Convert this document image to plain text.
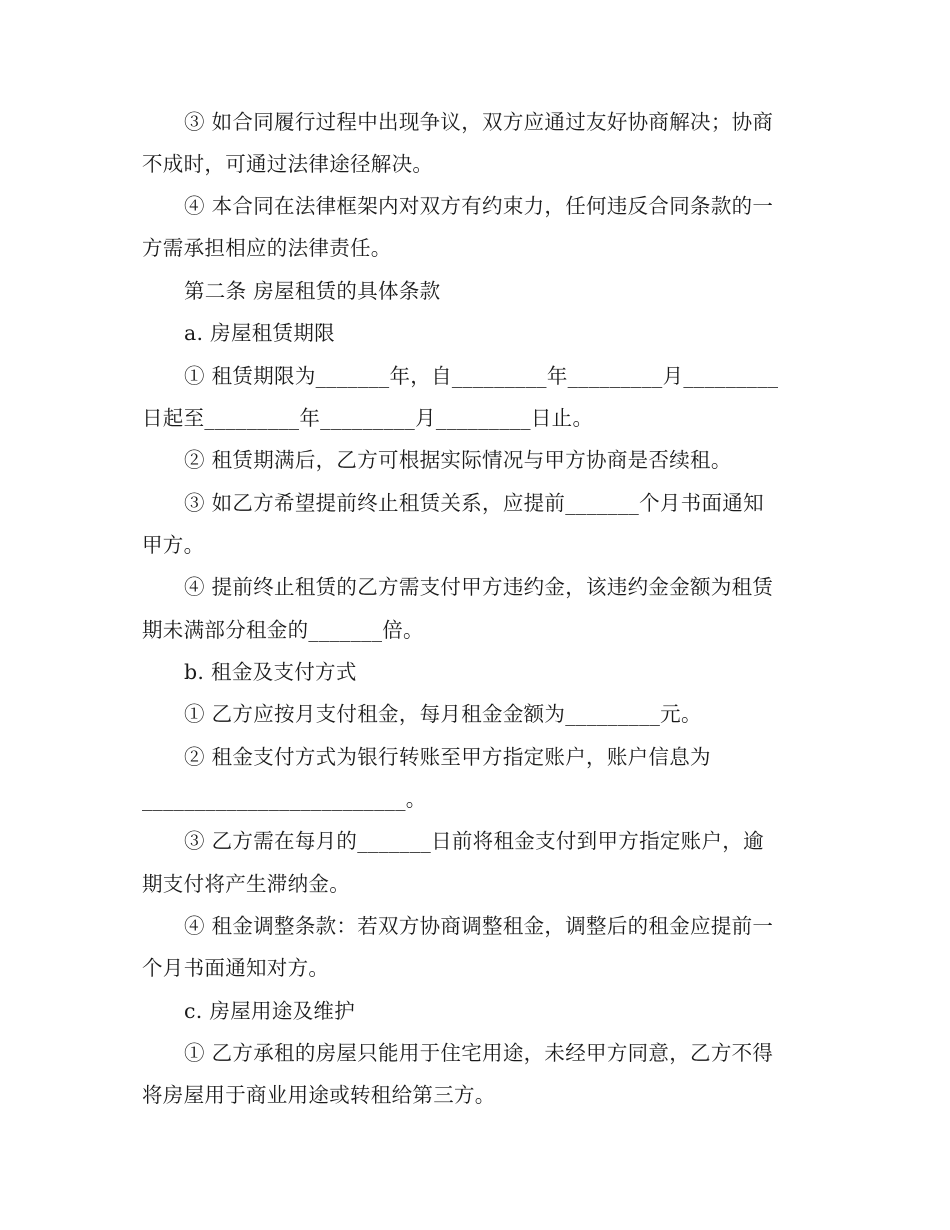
③ 如合同履行过程中出现争议，双方应通过友好协商解决；协商
不成时，可通过法律途径解决。
④ 本合同在法律框架内对双方有约束力，任何违反合同条款的一
方需承担相应的法律责任。
第二条 房屋租赁的具体条款
a. 房屋租赁期限
① 租赁期限为_______年，自_________年_________月_________
日起至_________年_________月_________日止。
② 租赁期满后，乙方可根据实际情况与甲方协商是否续租。
③ 如乙方希望提前终止租赁关系，应提前_______个月书面通知
甲方。
④ 提前终止租赁的乙方需支付甲方违约金，该违约金金额为租赁
期未满部分租金的_______倍。
b. 租金及支付方式
① 乙方应按月支付租金，每月租金金额为_________元。
② 租金支付方式为银行转账至甲方指定账户，账户信息为
_________________________。
③ 乙方需在每月的_______日前将租金支付到甲方指定账户，逾
期支付将产生滞纳金。
④ 租金调整条款：若双方协商调整租金，调整后的租金应提前一
个月书面通知对方。
c. 房屋用途及维护
① 乙方承租的房屋只能用于住宅用途，未经甲方同意，乙方不得
将房屋用于商业用途或转租给第三方。
